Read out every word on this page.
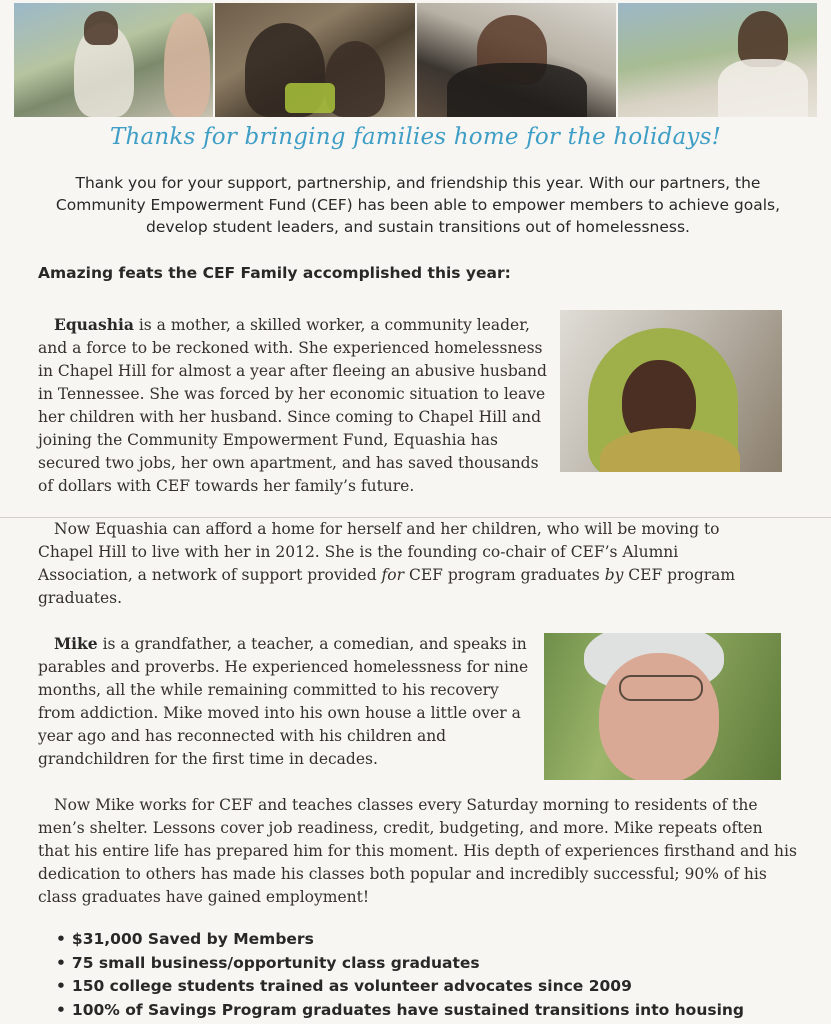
Thanks for bringing families home for the holidays!
Thank you for your support, partnership, and friendship this year. With our partners, the Community Empowerment Fund (CEF) has been able to empower members to achieve goals, develop student leaders, and sustain transitions out of homelessness.
Amazing feats the CEF Family accomplished this year:
Equashia is a mother, a skilled worker, a community leader, and a force to be reckoned with. She experienced homelessness in Chapel Hill for almost a year after fleeing an abusive husband in Tennessee. She was forced by her economic situation to leave her children with her husband. Since coming to Chapel Hill and joining the Community Empowerment Fund, Equashia has secured two jobs, her own apartment, and has saved thousands of dollars with CEF towards her family’s future.
Now Equashia can afford a home for herself and her children, who will be moving to Chapel Hill to live with her in 2012. She is the founding co-chair of CEF’s Alumni Association, a network of support provided for CEF program graduates by CEF program graduates.
Mike is a grandfather, a teacher, a comedian, and speaks in parables and proverbs. He experienced homelessness for nine months, all the while remaining committed to his recovery from addiction. Mike moved into his own house a little over a year ago and has reconnected with his children and grandchildren for the first time in decades.
Now Mike works for CEF and teaches classes every Saturday morning to residents of the men’s shelter. Lessons cover job readiness, credit, budgeting, and more. Mike repeats often that his entire life has prepared him for this moment. His depth of experiences firsthand and his dedication to others has made his classes both popular and incredibly successful; 90% of his class graduates have gained employment!
• $31,000 Saved by Members
• 75 small business/opportunity class graduates
• 150 college students trained as volunteer advocates since 2009
• 100% of Savings Program graduates have sustained transitions into housing
